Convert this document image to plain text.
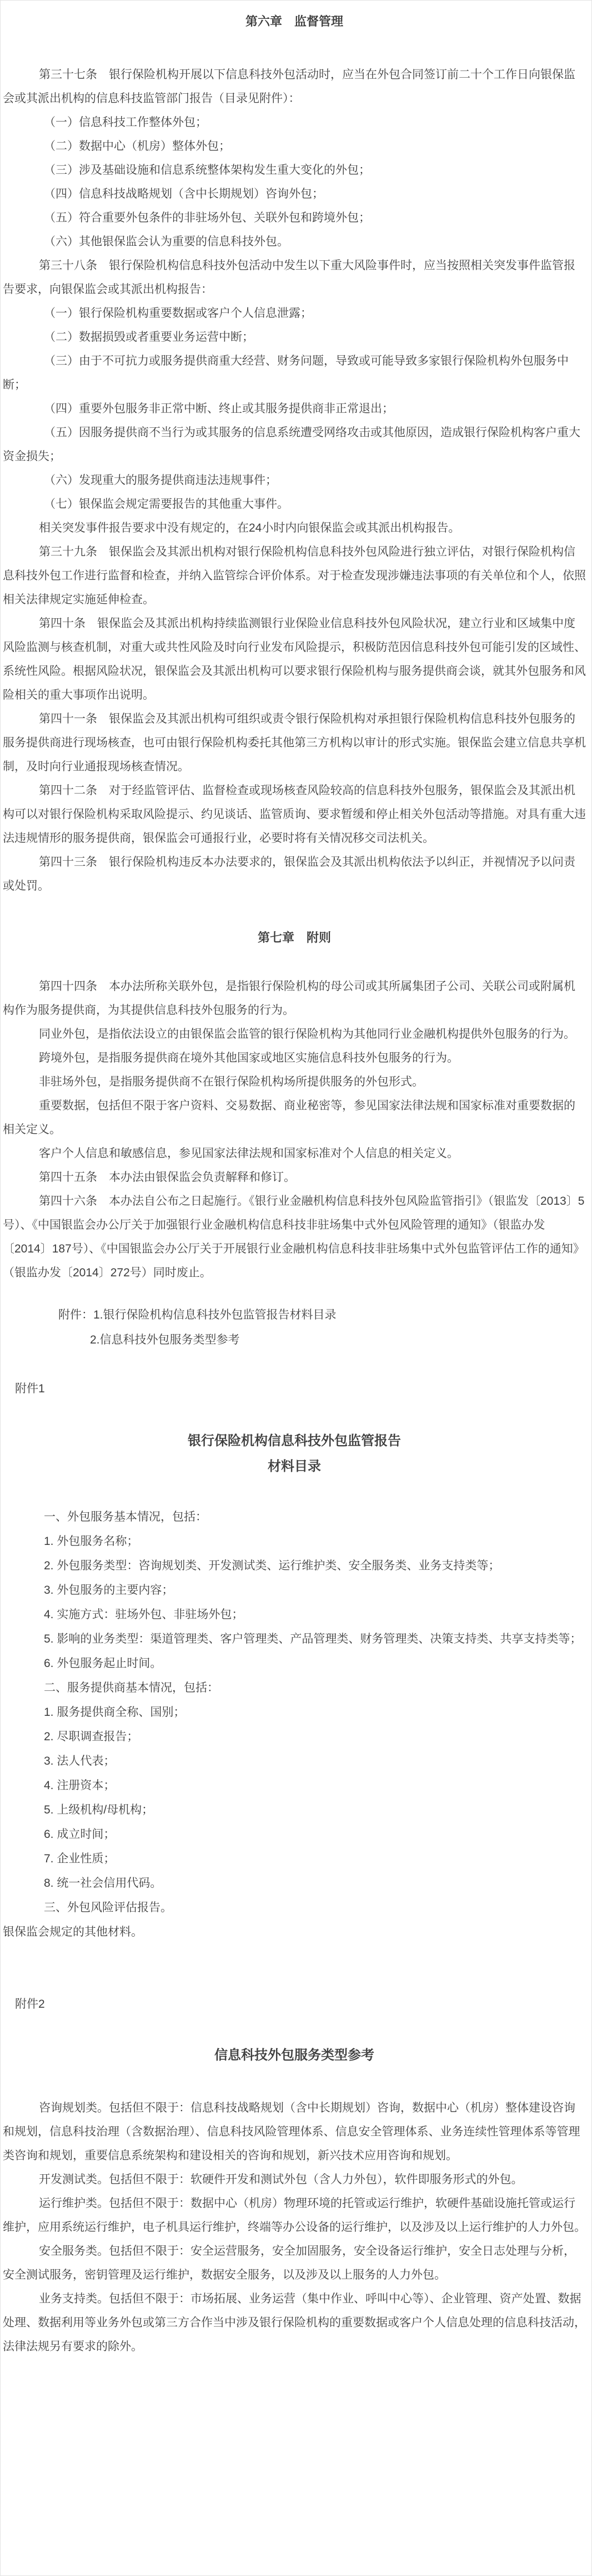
第六章　监督管理

第三十七条　银行保险机构开展以下信息科技外包活动时，应当在外包合同签订前二十个工作日向银保监会或其派出机构的信息科技监管部门报告（目录见附件）：

（一）信息科技工作整体外包；

（二）数据中心（机房）整体外包；

（三）涉及基础设施和信息系统整体架构发生重大变化的外包；

（四）信息科技战略规划（含中长期规划）咨询外包；

（五）符合重要外包条件的非驻场外包、关联外包和跨境外包；

（六）其他银保监会认为重要的信息科技外包。

第三十八条　银行保险机构信息科技外包活动中发生以下重大风险事件时，应当按照相关突发事件监管报告要求，向银保监会或其派出机构报告：

（一）银行保险机构重要数据或客户个人信息泄露；

（二）数据损毁或者重要业务运营中断；

（三）由于不可抗力或服务提供商重大经营、财务问题，导致或可能导致多家银行保险机构外包服务中断；

（四）重要外包服务非正常中断、终止或其服务提供商非正常退出；

（五）因服务提供商不当行为或其服务的信息系统遭受网络攻击或其他原因，造成银行保险机构客户重大资金损失；

（六）发现重大的服务提供商违法违规事件；

（七）银保监会规定需要报告的其他重大事件。

相关突发事件报告要求中没有规定的，在24小时内向银保监会或其派出机构报告。

第三十九条　银保监会及其派出机构对银行保险机构信息科技外包风险进行独立评估，对银行保险机构信息科技外包工作进行监督和检查，并纳入监管综合评价体系。对于检查发现涉嫌违法事项的有关单位和个人，依照相关法律规定实施延伸检查。

第四十条　银保监会及其派出机构持续监测银行业保险业信息科技外包风险状况，建立行业和区域集中度风险监测与核查机制，对重大或共性风险及时向行业发布风险提示，积极防范因信息科技外包可能引发的区域性、系统性风险。根据风险状况，银保监会及其派出机构可以要求银行保险机构与服务提供商会谈，就其外包服务和风险相关的重大事项作出说明。

第四十一条　银保监会及其派出机构可组织或责令银行保险机构对承担银行保险机构信息科技外包服务的服务提供商进行现场核查，也可由银行保险机构委托其他第三方机构以审计的形式实施。银保监会建立信息共享机制，及时向行业通报现场核查情况。

第四十二条　对于经监管评估、监督检查或现场核查风险较高的信息科技外包服务，银保监会及其派出机构可以对银行保险机构采取风险提示、约见谈话、监管质询、要求暂缓和停止相关外包活动等措施。对具有重大违法违规情形的服务提供商，银保监会可通报行业，必要时将有关情况移交司法机关。

第四十三条　银行保险机构违反本办法要求的，银保监会及其派出机构依法予以纠正，并视情况予以问责或处罚。

第七章　附则

第四十四条　本办法所称关联外包，是指银行保险机构的母公司或其所属集团子公司、关联公司或附属机构作为服务提供商，为其提供信息科技外包服务的行为。

同业外包，是指依法设立的由银保监会监管的银行保险机构为其他同行业金融机构提供外包服务的行为。

跨境外包，是指服务提供商在境外其他国家或地区实施信息科技外包服务的行为。

非驻场外包，是指服务提供商不在银行保险机构场所提供服务的外包形式。

重要数据，包括但不限于客户资料、交易数据、商业秘密等，参见国家法律法规和国家标准对重要数据的相关定义。

客户个人信息和敏感信息，参见国家法律法规和国家标准对个人信息的相关定义。

第四十五条　本办法由银保监会负责解释和修订。

第四十六条　本办法自公布之日起施行。《银行业金融机构信息科技外包风险监管指引》（银监发〔2013〕5号）、《中国银监会办公厅关于加强银行业金融机构信息科技非驻场集中式外包风险管理的通知》（银监办发〔2014〕187号）、《中国银监会办公厅关于开展银行业金融机构信息科技非驻场集中式外包监管评估工作的通知》（银监办发〔2014〕272号）同时废止。

附件：1.银行保险机构信息科技外包监管报告材料目录

2.信息科技外包服务类型参考

附件1

银行保险机构信息科技外包监管报告

材料目录

一、外包服务基本情况，包括：

1. 外包服务名称；

2. 外包服务类型：咨询规划类、开发测试类、运行维护类、安全服务类、业务支持类等；

3. 外包服务的主要内容；

4. 实施方式：驻场外包、非驻场外包；

5. 影响的业务类型：渠道管理类、客户管理类、产品管理类、财务管理类、决策支持类、共享支持类等；

6. 外包服务起止时间。

二、服务提供商基本情况，包括：

1. 服务提供商全称、国别；

2. 尽职调查报告；

3. 法人代表；

4. 注册资本；

5. 上级机构/母机构；

6. 成立时间；

7. 企业性质；

8. 统一社会信用代码。

三、外包风险评估报告。

银保监会规定的其他材料。

附件2

信息科技外包服务类型参考

咨询规划类。包括但不限于：信息科技战略规划（含中长期规划）咨询，数据中心（机房）整体建设咨询和规划，信息科技治理（含数据治理）、信息科技风险管理体系、信息安全管理体系、业务连续性管理体系等管理类咨询和规划，重要信息系统架构和建设相关的咨询和规划，新兴技术应用咨询和规划。

开发测试类。包括但不限于：软硬件开发和测试外包（含人力外包），软件即服务形式的外包。

运行维护类。包括但不限于：数据中心（机房）物理环境的托管或运行维护，软硬件基础设施托管或运行维护，应用系统运行维护，电子机具运行维护，终端等办公设备的运行维护，以及涉及以上运行维护的人力外包。

安全服务类。包括但不限于：安全运营服务，安全加固服务，安全设备运行维护，安全日志处理与分析，安全测试服务，密钥管理及运行维护，数据安全服务，以及涉及以上服务的人力外包。

业务支持类。包括但不限于：市场拓展、业务运营（集中作业、呼叫中心等）、企业管理、资产处置、数据处理、数据利用等业务外包或第三方合作当中涉及银行保险机构的重要数据或客户个人信息处理的信息科技活动，法律法规另有要求的除外。
